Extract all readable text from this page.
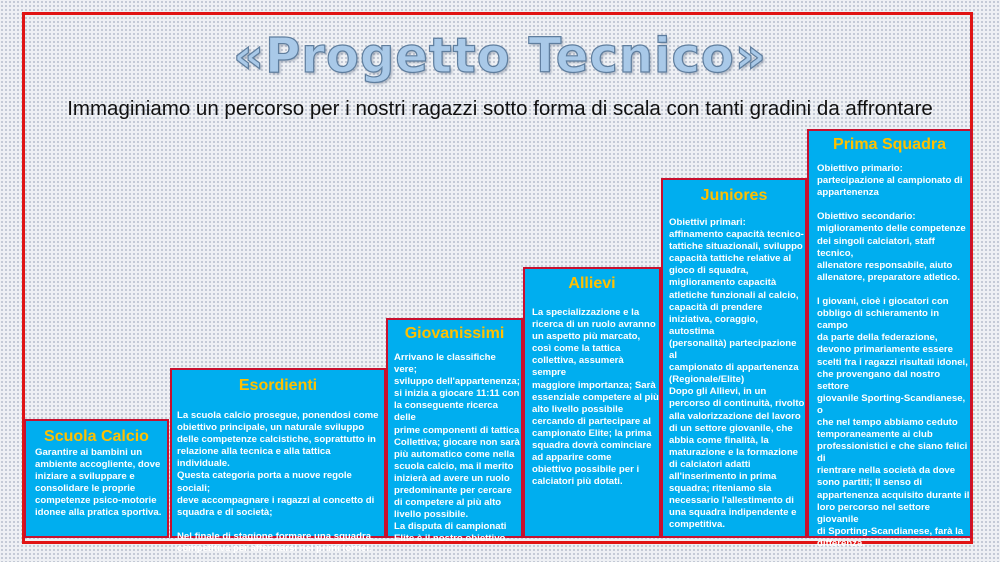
«Progetto Tecnico»
Immaginiamo un percorso per i nostri ragazzi sotto forma di scala con tanti gradini da affrontare
Scuola Calcio
Garantire ai bambini un
ambiente accogliente, dove
iniziare a sviluppare e
consolidare le proprie
competenze psico-motorie
idonee alla pratica sportiva.
Esordienti
La scuola calcio prosegue, ponendosi come
obiettivo principale, un naturale sviluppo
delle competenze calcistiche, soprattutto in
relazione alla tecnica e alla tattica individuale.
Questa categoria porta a nuove regole sociali;
deve accompagnare i ragazzi al concetto di
squadra e di società;

Nel finale di stagione formare una squadra
competitiva per affermarsi nei primi tornei.
Giovanissimi
Arrivano le classifiche vere;
sviluppo dell'appartenenza;
si inizia a giocare 11:11 con
la conseguente ricerca delle
prime componenti di tattica
Collettiva; giocare non sarà
più automatico come nella
scuola calcio, ma il merito
inizierà ad avere un ruolo
predominante per cercare
di competere al più alto
livello possibile.
La disputa di campionati
Elite è il nostro obiettivo.
Allievi
La specializzazione e la
ricerca di un ruolo avranno
un aspetto più marcato,
così come la tattica
collettiva, assumerà sempre
maggiore importanza; Sarà
essenziale competere al più
alto livello possibile
cercando di partecipare al
campionato Elite; la prima
squadra dovrà cominciare
ad apparire come
obiettivo possibile per i
calciatori più dotati.
Juniores
Obiettivi primari:
affinamento capacità tecnico-
tattiche situazionali, sviluppo
capacità tattiche relative al
gioco di squadra,
miglioramento capacità
atletiche funzionali al calcio,
capacità di prendere
iniziativa, coraggio, autostima
(personalità) partecipazione al
campionato di appartenenza
(Regionale/Elite)
Dopo gli Allievi, in un
percorso di continuità, rivolto
alla valorizzazione del lavoro
di un settore giovanile, che
abbia come finalità, la
maturazione e la formazione
di calciatori adatti
all'inserimento in prima
squadra; riteniamo sia
necessario l'allestimento di
una squadra indipendente e
competitiva.
Prima Squadra
Obiettivo primario:
partecipazione al campionato di
appartenenza

Obiettivo secondario:
miglioramento delle competenze
dei singoli calciatori, staff tecnico,
allenatore responsabile, aiuto
allenatore, preparatore atletico.

I giovani, cioè i giocatori con
obbligo di schieramento in campo
da parte della federazione,
devono primariamente essere
scelti fra i ragazzi risultati idonei,
che provengano dal nostro settore
giovanile Sporting-Scandianese, o
che nel tempo abbiamo ceduto
temporaneamente ai club
professionistici e che siano felici di
rientrare nella società da dove
sono partiti; Il senso di
appartenenza acquisito durante il
loro percorso nel settore giovanile
di Sporting-Scandianese, farà la
differenza.
